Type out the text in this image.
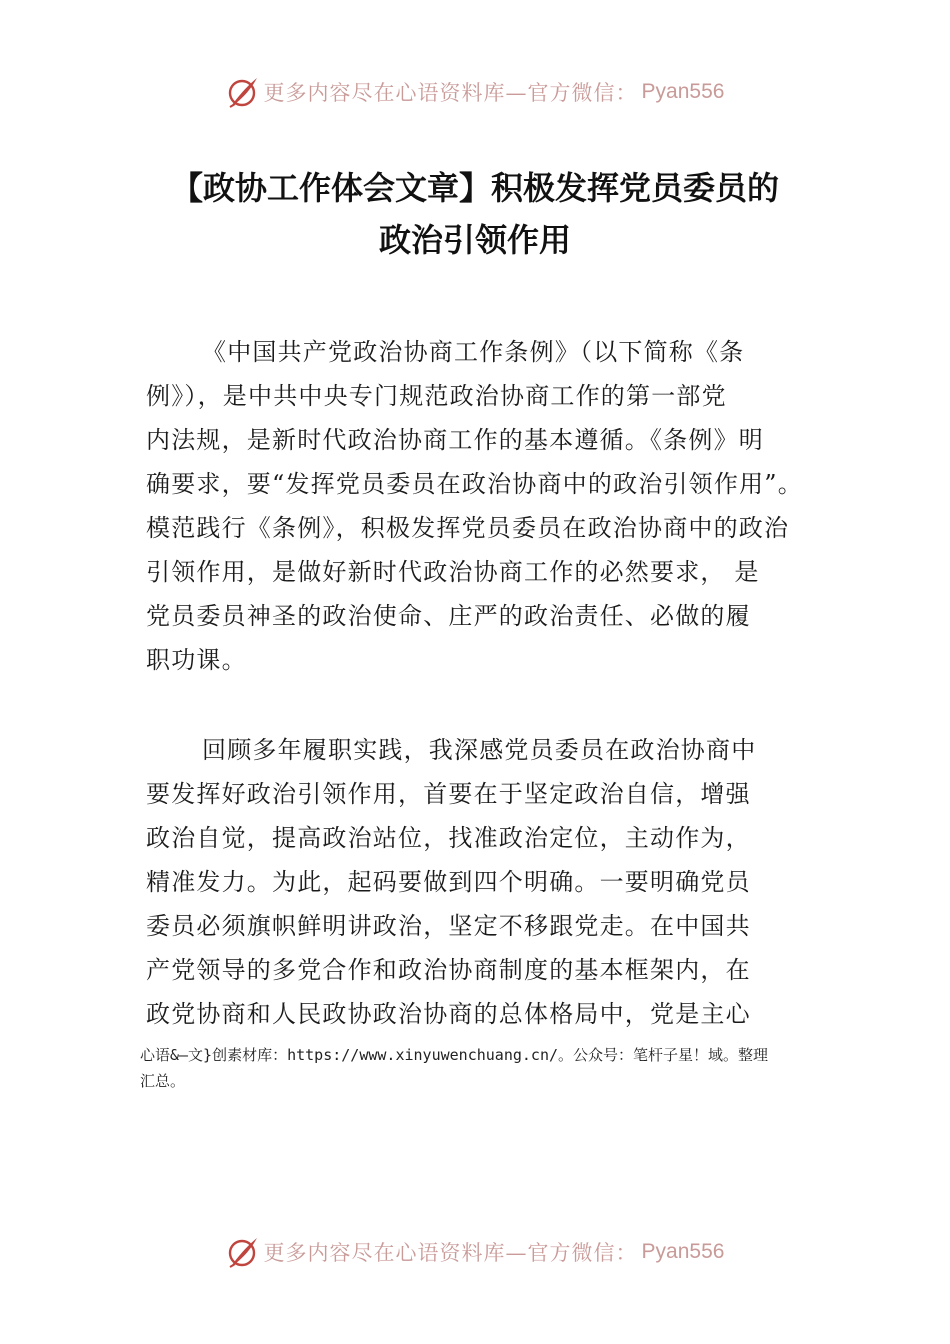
更多内容尽在心语资料库—官方微信： Pyan556
【政协工作体会文章】积极发挥党员委员的
政治引领作用
《中国共产党政治协商工作条例》（以下简称《条
例》），是中共中央专门规范政治协商工作的第一部党
内法规，是新时代政治协商工作的基本遵循。《条例》明
确要求，要“发挥党员委员在政治协商中的政治引领作用”。
模范践行《条例》，积极发挥党员委员在政治协商中的政治
引领作用，是做好新时代政治协商工作的必然要求， 是
党员委员神圣的政治使命、庄严的政治责任、必做的履
职功课。
回顾多年履职实践，我深感党员委员在政治协商中
要发挥好政治引领作用，首要在于坚定政治自信，增强
政治自觉，提高政治站位，找准政治定位，主动作为，
精准发力。为此，起码要做到四个明确。一要明确党员
委员必须旗帜鲜明讲政治，坚定不移跟党走。在中国共
产党领导的多党合作和政治协商制度的基本框架内，在
政党协商和人民政协政治协商的总体格局中，党是主心
心语&—文}创素材库：https://www.xinyuwenchuang.cn/。公众号：笔杆子星！域。整理
汇总。
更多内容尽在心语资料库—官方微信： Pyan556
